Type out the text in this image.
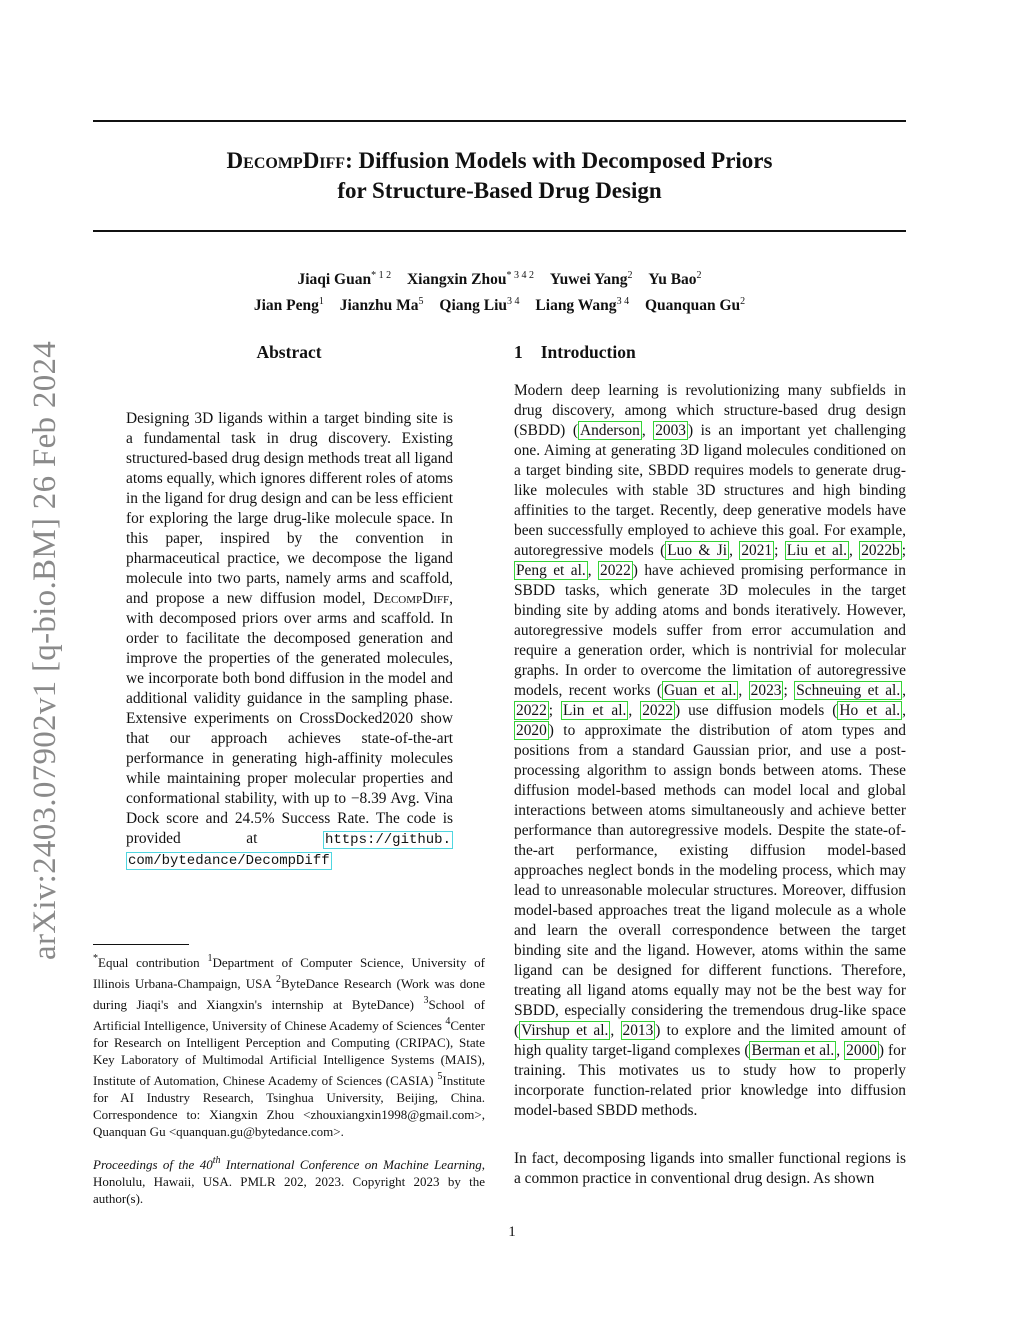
DecompDiff: Diffusion Models with Decomposed Priors
for Structure-Based Drug Design
Jiaqi Guan$^{* 1 2}$ Xiangxin Zhou$^{* 3 4 2}$ Yuwei Yang$^2$ Yu Bao$^2$
Jian Peng$^1$ Jianzhu Ma$^5$ Qiang Liu$^{3 4}$ Liang Wang$^{3 4}$ Quanquan Gu$^2$
arXiv:2403.07902v1 [q-bio.BM] 26 Feb 2024	Abstract
Designing 3D ligands within a target binding site is a fundamental task in drug discovery. Existing structured-based drug design methods treat all ligand atoms equally, which ignores different roles of atoms in the ligand for drug design and can be less efficient for exploring the large drug-like molecule space. In this paper, inspired by the convention in pharmaceutical practice, we decompose the ligand molecule into two parts, namely arms and scaffold, and propose a new diffusion model, DecompDiff, with decomposed priors over arms and scaffold. In order to facilitate the decomposed generation and improve the properties of the generated molecules, we incorporate both bond diffusion in the model and additional validity guidance in the sampling phase. Extensive experiments on CrossDocked2020 show that our approach achieves state-of-the-art performance in generating high-affinity molecules while maintaining proper molecular properties and conformational stability, with up to −8.39 Avg. Vina Dock score and 24.5% Success Rate. The code is provided at https://github. com/bytedance/DecompDiff
*Equal contribution $^1$Department of Computer Science, University of Illinois Urbana-Champaign, USA $^2$ByteDance Research (Work was done during Jiaqi's and Xiangxin's internship at ByteDance) $^3$School of Artificial Intelligence, University of Chinese Academy of Sciences $^4$Center for Research on Intelligent Perception and Computing (CRIPAC), State Key Laboratory of Multimodal Artificial Intelligence Systems (MAIS), Institute of Automation, Chinese Academy of Sciences (CASIA) $^5$Institute for AI Industry Research, Tsinghua University, Beijing, China. Correspondence to: Xiangxin Zhou <zhouxiangxin1998@gmail.com>, Quanquan Gu <quanquan.gu@bytedance.com>.
Proceedings of the 40th International Conference on Machine Learning, Honolulu, Hawaii, USA. PMLR 202, 2023. Copyright 2023 by the author(s).
1 Introduction
Modern deep learning is revolutionizing many subfields in drug discovery, among which structure-based drug design (SBDD) ( Anderson , 2003 ) is an important yet challenging one. Aiming at generating 3D ligand molecules conditioned on a target binding site, SBDD requires models to generate drug-like molecules with stable 3D structures and high binding affinities to the target. Recently, deep generative models have been successfully employed to achieve this goal. For example, autoregressive models ( Luo & Ji , 2021 ; Liu et al. , 2022b ; Peng et al. , 2022 ) have achieved promising performance in SBDD tasks, which generate 3D molecules in the target binding site by adding atoms and bonds iteratively. However, autoregressive models suffer from error accumulation and require a generation order, which is nontrivial for molecular graphs. In order to overcome the limitation of autoregressive models, recent works ( Guan et al. , 2023 ; Schneuing et al. , 2022 ; Lin et al. , 2022 ) use diffusion models ( Ho et al. , 2020 ) to approximate the distribution of atom types and positions from a standard Gaussian prior, and use a post-processing algorithm to assign bonds between atoms. These diffusion model-based methods can model local and global interactions between atoms simultaneously and achieve better performance than autoregressive models. Despite the state-of-the-art performance, existing diffusion model-based approaches neglect bonds in the modeling process, which may lead to unreasonable molecular structures. Moreover, diffusion model-based approaches treat the ligand molecule as a whole and learn the overall correspondence between the target binding site and the ligand. However, atoms within the same ligand can be designed for different functions. Therefore, treating all ligand atoms equally may not be the best way for SBDD, especially considering the tremendous drug-like space ( Virshup et al. , 2013 ) to explore and the limited amount of high quality target-ligand complexes ( Berman et al. , 2000 ) for training. This motivates us to study how to properly incorporate function-related prior knowledge into diffusion model-based SBDD methods.
In fact, decomposing ligands into smaller functional regions is a common practice in conventional drug design. As shown
1
